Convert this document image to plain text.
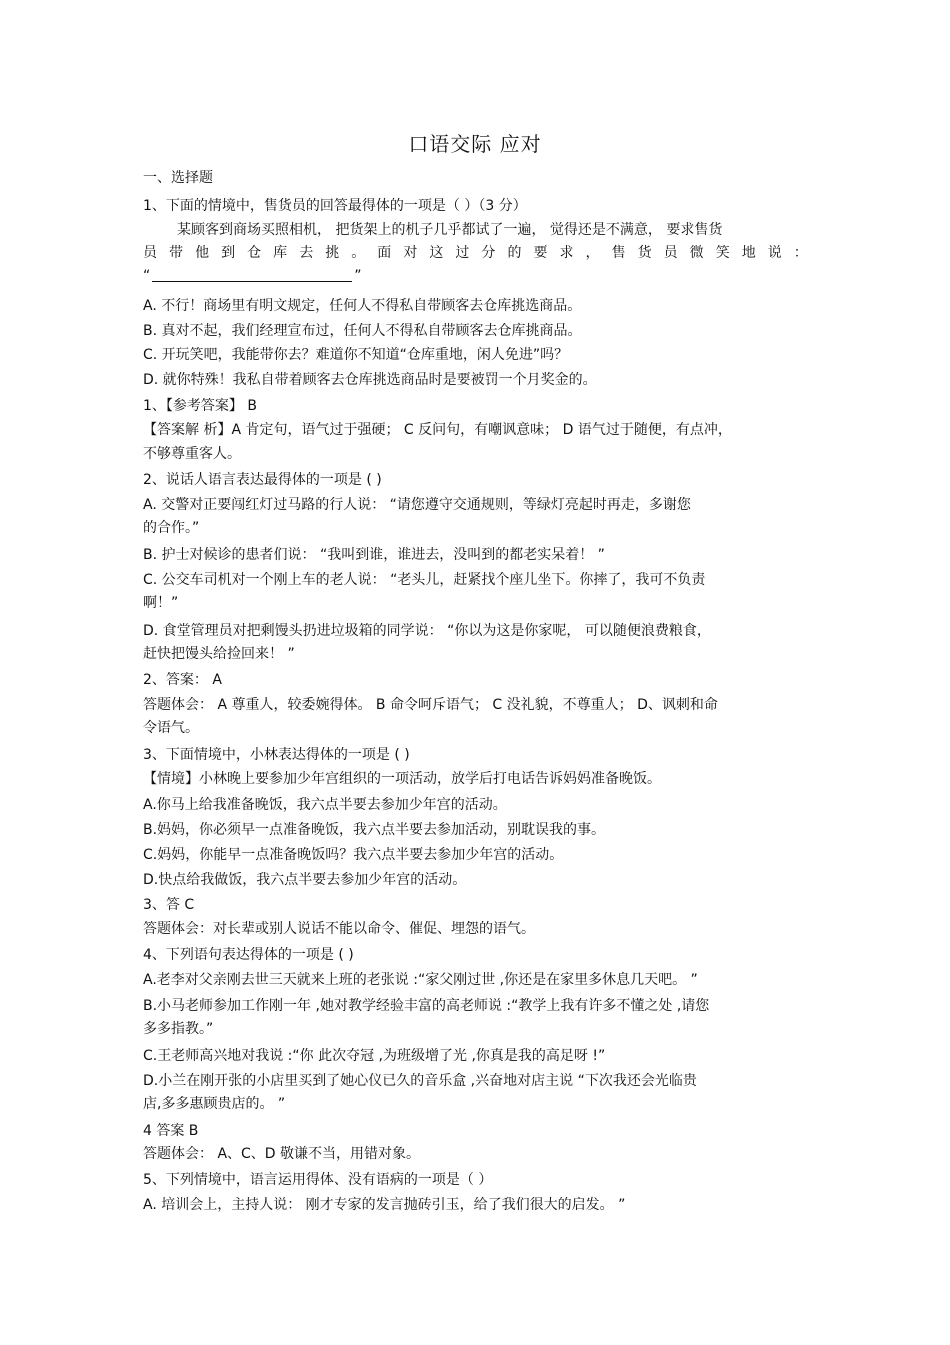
口语交际 应对
一、选择题
1、下面的情境中，售货员的回答最得体的一项是（ ）（3 分）
某顾客到商场买照相机， 把货架上的机子几乎都试了一遍， 觉得还是不满意， 要求售货
员 带 他 到 仓 库 去 挑 。 面 对 这 过 分 的 要 求 ， 售 货 员 微 笑 地 说 ：
“	”
A. 不行！商场里有明文规定，任何人不得私自带顾客去仓库挑选商品。
B. 真对不起，我们经理宣布过，任何人不得私自带顾客去仓库挑商品。
C. 开玩笑吧，我能带你去？难道你不知道“仓库重地，闲人免进”吗？
D. 就你特殊！我私自带着顾客去仓库挑选商品时是要被罚一个月奖金的。
1、【参考答案】 B
【答案解 析】A 肯定句，语气过于强硬； C 反问句，有嘲讽意味； D 语气过于随便，有点冲，
不够尊重客人。
2、说话人语言表达最得体的一项是 ( )
A. 交警对正要闯红灯过马路的行人说： “请您遵守交通规则，等绿灯亮起时再走，多谢您
的合作。”
B. 护士对候诊的患者们说： “我叫到谁，谁进去，没叫到的都老实呆着！ ”
C. 公交车司机对一个刚上车的老人说： “老头儿，赶紧找个座儿坐下。你摔了，我可不负责
啊！”
D. 食堂管理员对把剩馒头扔进垃圾箱的同学说： “你以为这是你家呢， 可以随便浪费粮食，
赶快把馒头给捡回来！ ”
2、答案： A
答题体会： A 尊重人，较委婉得体。 B 命令呵斥语气； C 没礼貌，不尊重人； D、讽刺和命
令语气。
3、下面情境中，小林表达得体的一项是 ( )
【情境】小林晚上要参加少年宫组织的一项活动，放学后打电话告诉妈妈准备晚饭。
A.你马上给我准备晚饭，我六点半要去参加少年宫的活动。
B.妈妈，你必须早一点准备晚饭，我六点半要去参加活动，别耽误我的事。
C.妈妈，你能早一点准备晚饭吗？我六点半要去参加少年宫的活动。
D.快点给我做饭，我六点半要去参加少年宫的活动。
3、答 C
答题体会：对长辈或别人说话不能以命令、催促、埋怨的语气。
4、下列语句表达得体的一项是 ( )
A.老李对父亲刚去世三天就来上班的老张说 :“家父刚过世 ,你还是在家里多休息几天吧。 ”
B.小马老师参加工作刚一年 ,她对教学经验丰富的高老师说 :“教学上我有许多不懂之处 ,请您
多多指教。”
C.王老师高兴地对我说 :“你 此次夺冠 ,为班级增了光 ,你真是我的高足呀 !”
D.小兰在刚开张的小店里买到了她心仪已久的音乐盒 ,兴奋地对店主说 “下次我还会光临贵
店,多多惠顾贵店的。 ”
4 答案 B
答题体会： A、C、D 敬谦不当，用错对象。
5、下列情境中，语言运用得体、没有语病的一项是（ ）
A. 培训会上，主持人说： 刚才专家的发言抛砖引玉，给了我们很大的启发。 ”
